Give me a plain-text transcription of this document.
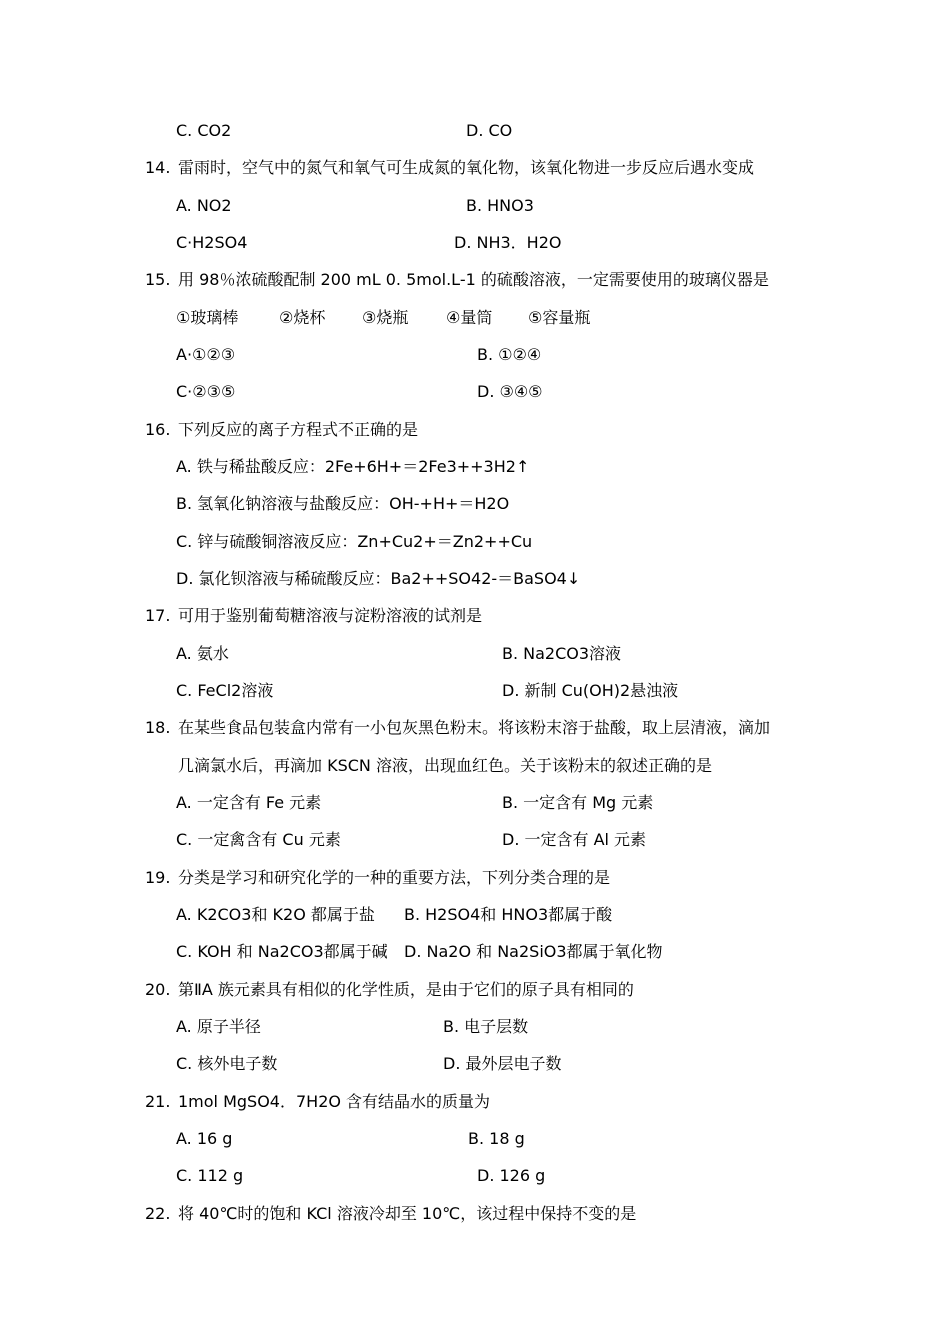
C. CO2	D. CO
14. 雷雨时，空气中的氮气和氧气可生成氮的氧化物，该氧化物进一步反应后遇水变成
A. NO2	B. HNO3
C·H2SO4	D. NH3．H2O
15. 用 98％浓硫酸配制 200 mL 0. 5mol.L-1 的硫酸溶液，一定需要使用的玻璃仪器是
①玻璃棒	②烧杯 ③烧瓶 ④量筒 ⑤容量瓶
A·①②③	B. ①②④
C·②③⑤	D. ③④⑤
16. 下列反应的离子方程式不正确的是
A. 铁与稀盐酸反应：2Fe+6H+＝2Fe3++3H2↑
B. 氢氧化钠溶液与盐酸反应：OH-+H+＝H2O
C. 锌与硫酸铜溶液反应：Zn+Cu2+＝Zn2++Cu
D. 氯化钡溶液与稀硫酸反应：Ba2++SO42-＝BaSO4↓
17. 可用于鉴别葡萄糖溶液与淀粉溶液的试剂是
A. 氨水	B. Na2CO3溶液
C. FeCl2溶液	D. 新制 Cu(OH)2悬浊液
18. 在某些食品包装盒内常有一小包灰黑色粉末。将该粉末溶于盐酸，取上层清液，滴加
几滴氯水后，再滴加 KSCN 溶液，出现血红色。关于该粉末的叙述正确的是
A. 一定含有 Fe 元素	B. 一定含有 Mg 元素
C. 一定禽含有 Cu 元素	D. 一定含有 Al 元素
19. 分类是学习和研究化学的一种的重要方法，下列分类合理的是
A. K2CO3和 K2O 都属于盐 B. H2SO4和 HNO3都属于酸
C. KOH 和 Na2CO3都属于碱 D. Na2O 和 Na2SiO3都属于氧化物
20. 第ⅡA 族元素具有相似的化学性质，是由于它们的原子具有相同的
A. 原子半径	B. 电子层数
C. 核外电子数	D. 最外层电子数
21. 1mol MgSO4．7H2O 含有结晶水的质量为
A. 16 g	B. 18 g
C. 112 g	D. 126 g
22. 将 40℃时的饱和 KCl 溶液冷却至 10℃，该过程中保持不变的是
